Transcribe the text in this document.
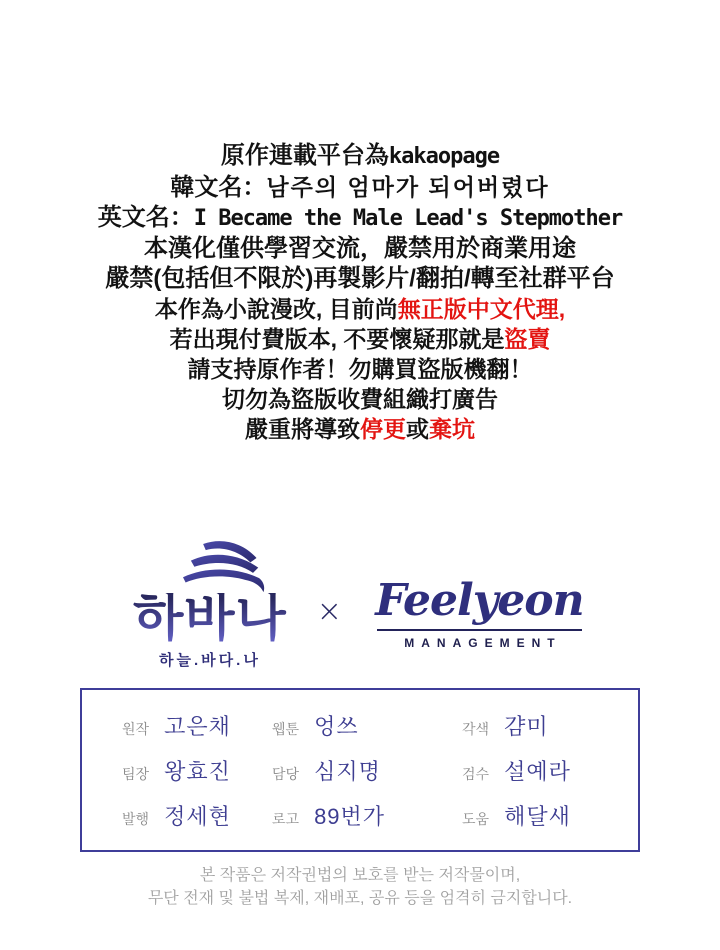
原作連載平台為kakaopage
韓文名：남주의 엄마가 되어버렸다
英文名：I Became the Male Lead's Stepmother
本漢化僅供學習交流，嚴禁用於商業用途
嚴禁(包括但不限於)再製影片/翻拍/轉至社群平台
本作為小說漫改, 目前尚無正版中文代理,
若出現付費版本, 不要懷疑那就是盜賣
請支持原作者！勿購買盜版機翻！
切勿為盜版收費組織打廣告
嚴重將導致停更或棄坑
하바나
하늘.바다.나
× Feelyeon
MANAGEMENT
원작 고은채	웹툰 엉쓰	각색 걈미
팀장 왕효진	담당 심지명	검수 설예라
발행 정세현	로고 89번가	도움 해달새
본 작품은 저작권법의 보호를 받는 저작물이며,
무단 전재 및 불법 복제, 재배포, 공유 등을 엄격히 금지합니다.
